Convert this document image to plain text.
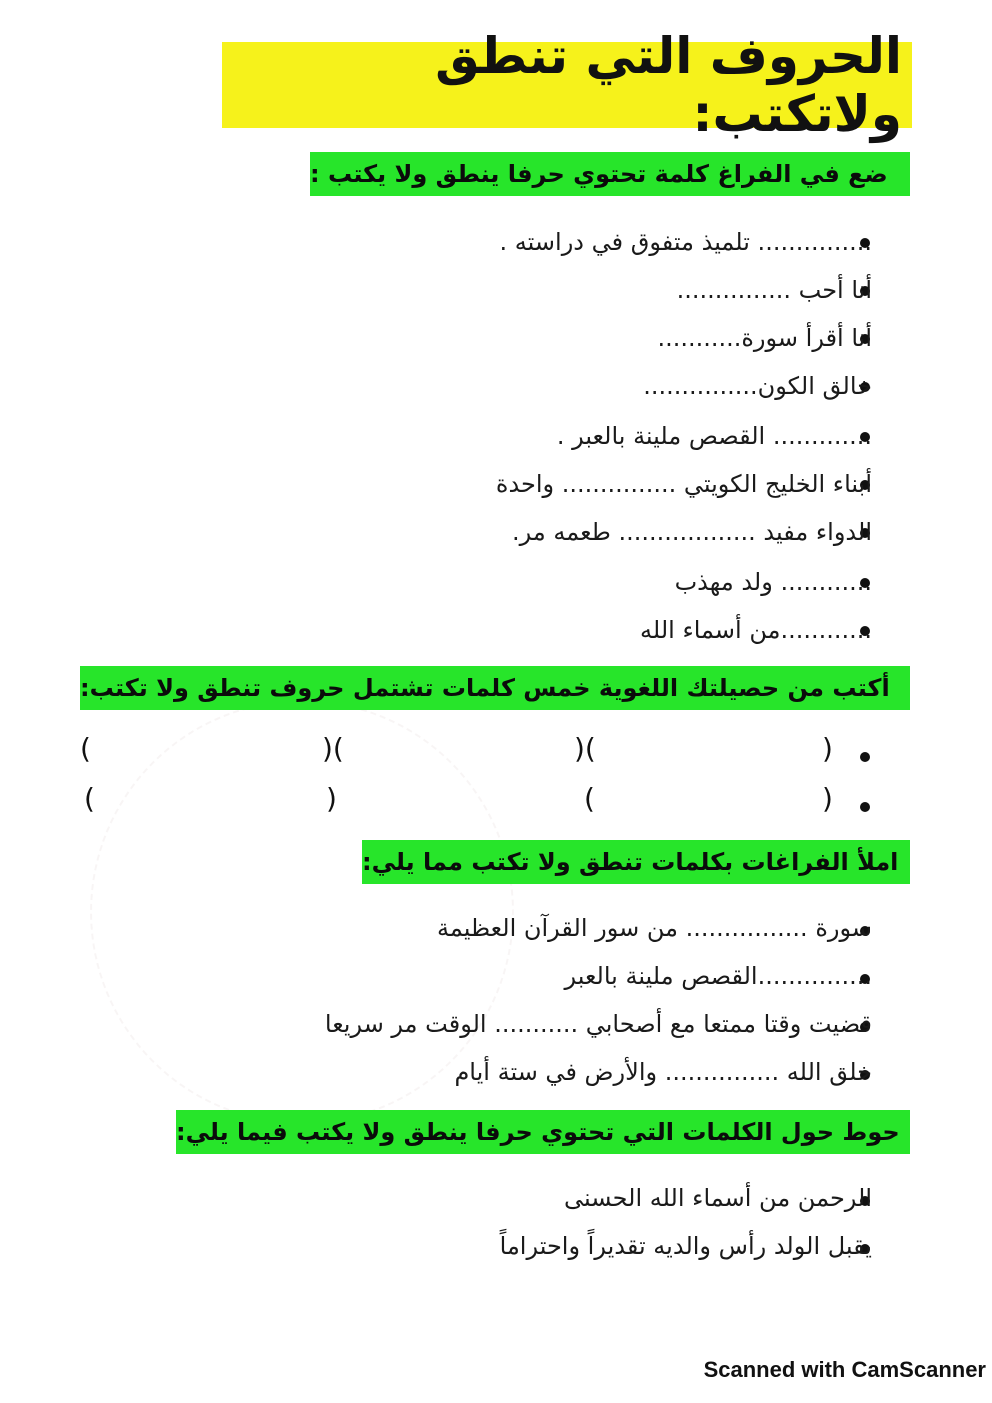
الحروف التي تنطق ولاتكتب:
ضع في الفراغ كلمة تحتوي حرفا ينطق ولا يكتب :
............... تلميذ متفوق في دراسته .
أنا أحب ...............
أنا أقرأ سورة...........
خالق الكون...............
............. القصص ملينة بالعبر .
أبناء الخليج الكويتي ............... واحدة
الدواء مفيد .................. طعمه مر.
............ ولد مهذب
............من أسماء الله
أكتب من حصيلتك اللغوية خمس كلمات تشتمل حروف تنطق ولا تكتب:
(	)(	)(	)
(	)	(	)
املأ الفراغات بكلمات تنطق ولا تكتب مما يلي:
سورة ................ من سور القرآن العظيمة
...............القصص ملينة بالعبر
قضيت وقتا ممتعا مع أصحابي ........... الوقت مر سريعا
خلق الله ............... والأرض في ستة أيام
حوط حول الكلمات التي تحتوي حرفا ينطق ولا يكتب فيما يلي:
الرحمن من أسماء الله الحسنى
يقبل الولد رأس والديه تقديراً واحتراماً
Scanned with CamScanner
